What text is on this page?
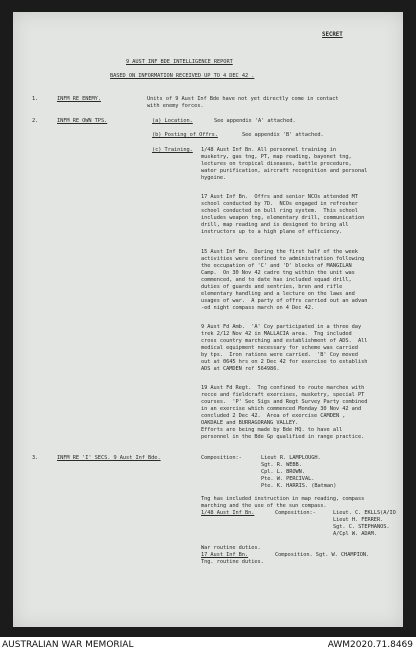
SECRET
9 AUST INF BDE INTELLIGENCE REPORT
BASED ON INFORMATION RECEIVED UP TO 4 DEC 42 .
1.	INFM RE ENEMY.	Units of 9 Aust Inf Bde have not yet directly come in contact
with enemy forces.
2.	INFM RE OWN TPS.	(a) Location.	See appendix 'A' attached.
(b) Posting of Offrs.	See appendix 'B' attached.
(c) Training. 1/48 Aust Inf Bn. All personnel training in
musketry, gas tng, PT, map reading, bayonet tng,
lectures on tropical diseases, battle procedure,
water purification, aircraft recognition and personal
hygeine.
17 Aust Inf Bn.  Offrs and senior NCOs attended MT
school conducted by 7D.  NCOs engaged in refresher
school conducted on bull ring system.  This school
includes weapon tng, elementary drill, communication
drill, map reading and is designed to bring all
instructors up to a high plane of efficiency.
15 Aust Inf Bn.  During the first half of the week
activities were confined to administration following
the occupation of 'C' and 'D' blocks of MANGILAN
Camp.  On 30 Nov 42 cadre tng within the unit was
commenced, and to date has included squad drill,
duties of guards and sentries, bren and rifle
elementary handling and a lecture on the laws and
usages of war.  A party of offrs carried out an advan
-ed night compass march on 4 Dec 42.
9 Aust Fd Amb.  'A' Coy participated in a three day
trek 2/12 Nov 42 in MALLACIA area.  Tng included
cross country marching and establishment of ADS.  All
medical equipment necessary for scheme was carried
by tps.  Iron rations were carried.  'B' Coy moved
out at 0645 hrs on 2 Dec 42 for exercise to establish
ADS at CAMDEN ref 564986.
19 Aust Fd Regt.  Tng confined to route marches with
recce and fieldcraft exercises, musketry, special PT
courses.  'P' Sec Sigs and Regt Survey Party combined
in an exercise which commenced Monday 30 Nov 42 and
concluded 2 Dec 42.  Area of exercise CAMDEN ,
OAKDALE and BURRAGORANG VALLEY.
Efforts are being made by Bde HQ. to have all
personnel in the Bde Gp qualified in range practice.
3.	INFM RE 'I' SECS. 9 Aust Inf Bde.	Composition:-	Lieut R. LAMPLOUGH.
Sgt. R. WEBB.
Cpl. L. BROWN.
Pte. W. PERCIVAL.
Pte. K. HARRIS. (Batman)
Tng has included instruction in map reading, compass
marching and the use of the sun compass.
1/48 Aust Inf Bn.	Composition:-	Lieut. C. EKLLS(A/IO
Lieut H. FERRER.
Sgt. C. STEPHANOS.
A/Cpl W. ADAM.
War routine duties.
17 Aust Inf Bn.	Composition. Sgt. W. CHAMPION.
Tng. routine duties.
AUSTRALIAN WAR MEMORIAL	AWM2020.71.8469
